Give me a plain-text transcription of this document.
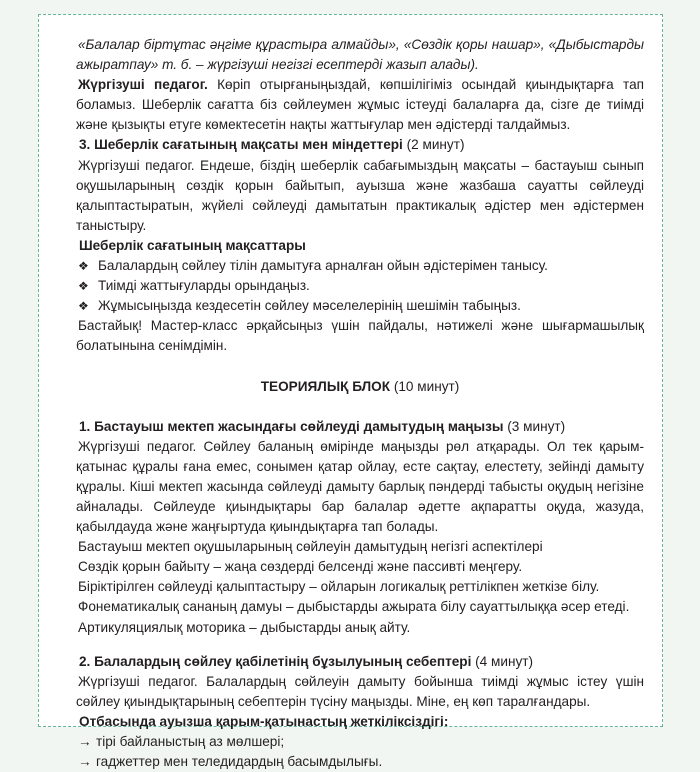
«Балалар біртұтас әңгіме құрастыра алмайды», «Сөздік қоры нашар», «Дыбыстарды ажыратпау» т. б. – жүргізуші негізгі есептерді жазып алады).

Жүргізуші педагог. Көріп отырғаныңыздай, көпшілігіміз осындай қиындықтарға тап боламыз. Шеберлік сағатта біз сөйлеумен жұмыс істеуді балаларға да, сізге де тиімді және қызықты етуге көмектесетін нақты жаттығулар мен әдістерді талдаймыз.

3. Шеберлік сағатының мақсаты мен міндеттері (2 минут)

Жүргізуші педагог. Ендеше, біздің шеберлік сабағымыздың мақсаты – бастауыш сынып оқушыларының сөздік қорын байытып, ауызша және жазбаша сауатты сөйлеуді қалыптастыратын, жүйелі сөйлеуді дамытатын практикалық әдістер мен әдістермен таныстыру.

Шеберлік сағатының мақсаттары

❖ Балалардың сөйлеу тілін дамытуға арналған ойын әдістерімен танысу.
❖ Тиімді жаттығуларды орындаңыз.
❖ Жұмысыңызда кездесетін сөйлеу мәселелерінің шешімін табыңыз.

Бастайық! Мастер-класс әрқайсыңыз үшін пайдалы, нәтижелі және шығармашылық болатынына сенімдімін.

ТЕОРИЯЛЫҚ БЛОК (10 минут)

1. Бастауыш мектеп жасындағы сөйлеуді дамытудың маңызы (3 минут)

Жүргізуші педагог. Сөйлеу баланың өмірінде маңызды рөл атқарады. Ол тек қарым-қатынас құралы ғана емес, сонымен қатар ойлау, есте сақтау, елестету, зейінді дамыту құралы. Кіші мектеп жасында сөйлеуді дамыту барлық пәндерді табысты оқудың негізіне айналады. Сөйлеуде қиындықтары бар балалар әдетте ақпаратты оқуда, жазуда, қабылдауда және жаңғыртуда қиындықтарға тап болады.

Бастауыш мектеп оқушыларының сөйлеуін дамытудың негізгі аспектілері

Сөздік қорын байыту – жаңа сөздерді белсенді және пассивті меңгеру.

Біріктірілген сөйлеуді қалыптастыру – ойларын логикалық реттілікпен жеткізе білу.

Фонематикалық сананың дамуы – дыбыстарды ажырата білу сауаттылыққа әсер етеді.

Артикуляциялық моторика – дыбыстарды анық айту.

2. Балалардың сөйлеу қабілетінің бұзылуының себептері (4 минут)

Жүргізуші педагог. Балалардың сөйлеуін дамыту бойынша тиімді жұмыс істеу үшін сөйлеу қиындықтарының себептерін түсіну маңызды. Міне, ең көп таралғандары.

Отбасында ауызша қарым-қатынастың жеткіліксіздігі:

→ тірі байланыстың аз мөлшері;
→ гаджеттер мен теледидардың басымдылығы.
